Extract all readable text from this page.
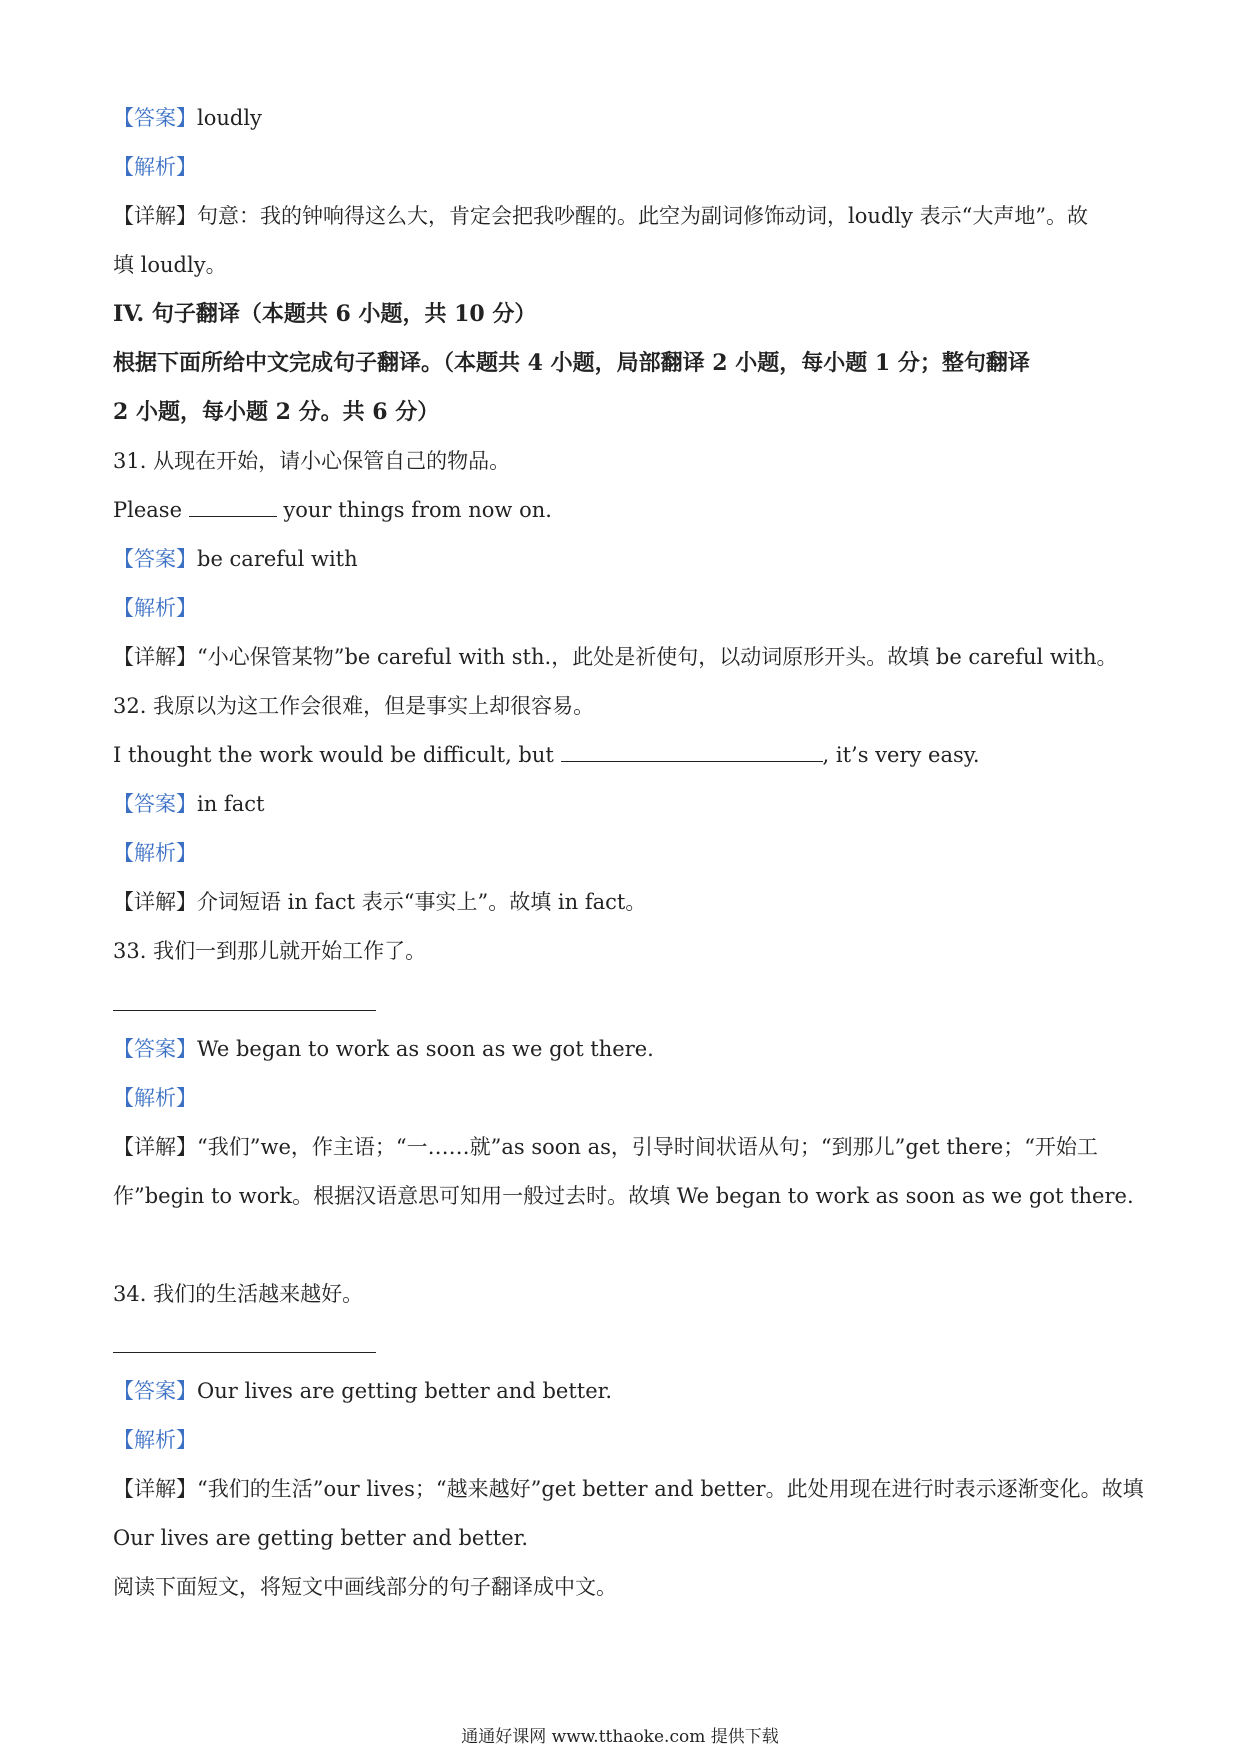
【答案】loudly
【解析】
【详解】句意：我的钟响得这么大，肯定会把我吵醒的。此空为副词修饰动词，loudly 表示“大声地”。故
填 loudly。
IV. 句子翻译（本题共 6 小题，共 10 分）
根据下面所给中文完成句子翻译。（本题共 4 小题，局部翻译 2 小题，每小题 1 分；整句翻译
2 小题，每小题 2 分。共 6 分）
31. 从现在开始，请小心保管自己的物品。
Please	your things from now on.
【答案】be careful with
【解析】
【详解】“小心保管某物”be careful with sth.，此处是祈使句，以动词原形开头。故填 be careful with。
32. 我原以为这工作会很难，但是事实上却很容易。
I thought the work would be difficult, but	, it’s very easy.
【答案】in fact
【解析】
【详解】介词短语 in fact 表示“事实上”。故填 in fact。
33. 我们一到那儿就开始工作了。
【答案】We began to work as soon as we got there.
【解析】
【详解】“我们”we，作主语；“一……就”as soon as，引导时间状语从句；“到那儿”get there；“开始工
作”begin to work。根据汉语意思可知用一般过去时。故填 We began to work as soon as we got there.
34. 我们的生活越来越好。
【答案】Our lives are getting better and better.
【解析】
【详解】“我们的生活”our lives；“越来越好”get better and better。此处用现在进行时表示逐渐变化。故填
Our lives are getting better and better.
阅读下面短文，将短文中画线部分的句子翻译成中文。
通通好课网 www.tthaoke.com 提供下载
